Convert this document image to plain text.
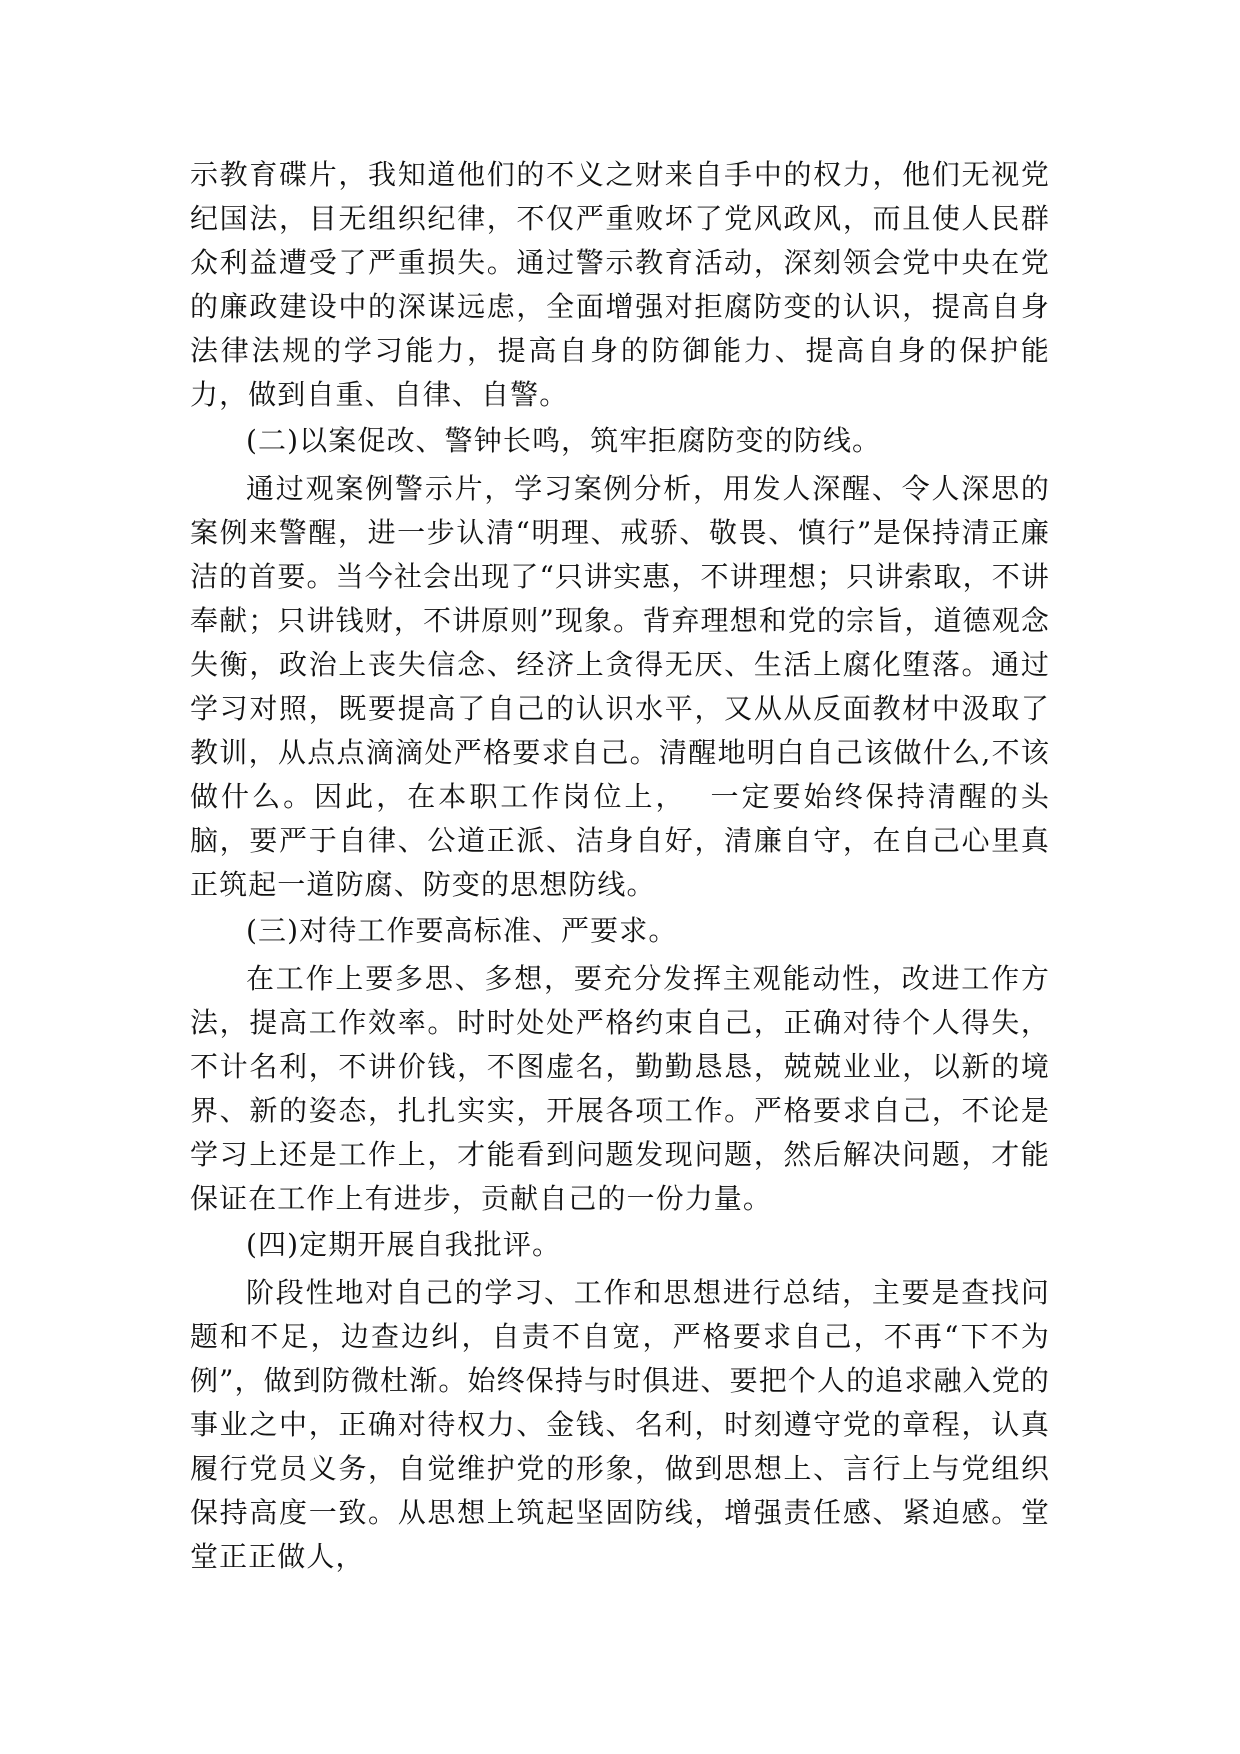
示教育碟片，我知道他们的不义之财来自手中的权力，他们无视党纪国法，目无组织纪律，不仅严重败坏了党风政风，而且使人民群众利益遭受了严重损失。通过警示教育活动，深刻领会党中央在党的廉政建设中的深谋远虑，全面增强对拒腐防变的认识，提高自身法律法规的学习能力，提高自身的防御能力、提高自身的保护能力，做到自重、自律、自警。

(二)以案促改、警钟长鸣，筑牢拒腐防变的防线。

通过观案例警示片，学习案例分析，用发人深醒、令人深思的案例来警醒，进一步认清“明理、戒骄、敬畏、慎行”是保持清正廉洁的首要。当今社会出现了“只讲实惠，不讲理想；只讲索取，不讲奉献；只讲钱财，不讲原则”现象。背弃理想和党的宗旨，道德观念失衡，政治上丧失信念、经济上贪得无厌、生活上腐化堕落。通过学习对照，既要提高了自己的认识水平，又从从反面教材中汲取了教训，从点点滴滴处严格要求自己。清醒地明白自己该做什么,不该做什么。因此，在本职工作岗位上， 一定要始终保持清醒的头脑，要严于自律、公道正派、洁身自好，清廉自守，在自己心里真正筑起一道防腐、防变的思想防线。

(三)对待工作要高标准、严要求。

在工作上要多思、多想，要充分发挥主观能动性，改进工作方法，提高工作效率。时时处处严格约束自己，正确对待个人得失，不计名利，不讲价钱，不图虚名，勤勤恳恳，兢兢业业，以新的境界、新的姿态，扎扎实实，开展各项工作。严格要求自己，不论是学习上还是工作上，才能看到问题发现问题，然后解决问题，才能保证在工作上有进步，贡献自己的一份力量。

(四)定期开展自我批评。

阶段性地对自己的学习、工作和思想进行总结，主要是查找问题和不足，边查边纠，自责不自宽，严格要求自己，不再“下不为例”，做到防微杜渐。始终保持与时俱进、要把个人的追求融入党的事业之中，正确对待权力、金钱、名利，时刻遵守党的章程，认真履行党员义务，自觉维护党的形象，做到思想上、言行上与党组织保持高度一致。从思想上筑起坚固防线，增强责任感、紧迫感。堂堂正正做人，
